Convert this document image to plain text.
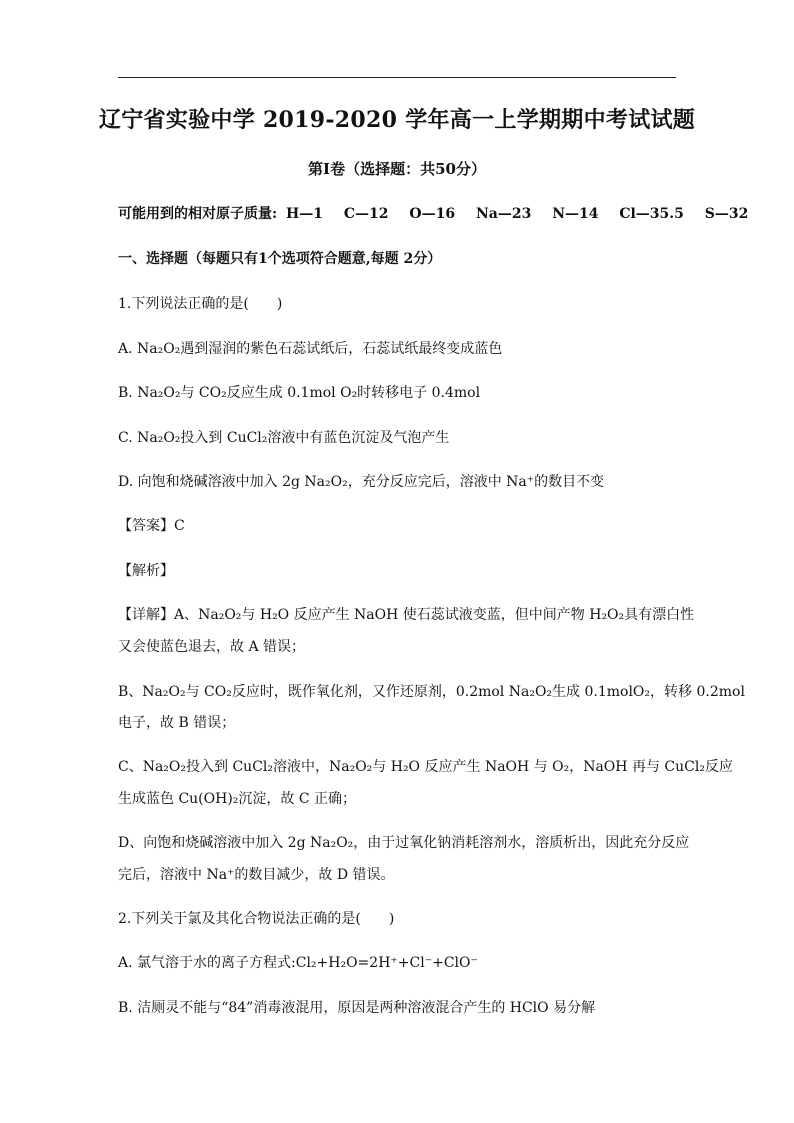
辽宁省实验中学 2019-2020 学年高一上学期期中考试试题
第Ⅰ卷（选择题：共50分）
可能用到的相对原子质量: H—1 C—12 O—16 Na—23 N—14 Cl—35.5 S—32
一、选择题（每题只有1个选项符合题意,每题 2分）
1.下列说法正确的是(　　)
A. Na₂O₂遇到湿润的紫色石蕊试纸后，石蕊试纸最终变成蓝色
B. Na₂O₂与 CO₂反应生成 0.1mol O₂时转移电子 0.4mol
C. Na₂O₂投入到 CuCl₂溶液中有蓝色沉淀及气泡产生
D. 向饱和烧碱溶液中加入 2g Na₂O₂，充分反应完后，溶液中 Na⁺的数目不变
【答案】C
【解析】
【详解】A、Na₂O₂与 H₂O 反应产生 NaOH 使石蕊试液变蓝，但中间产物 H₂O₂具有漂白性
又会使蓝色退去，故 A 错误；
B、Na₂O₂与 CO₂反应时，既作氧化剂，又作还原剂，0.2mol Na₂O₂生成 0.1molO₂，转移 0.2mol
电子，故 B 错误；
C、Na₂O₂投入到 CuCl₂溶液中，Na₂O₂与 H₂O 反应产生 NaOH 与 O₂，NaOH 再与 CuCl₂反应
生成蓝色 Cu(OH)₂沉淀，故 C 正确；
D、向饱和烧碱溶液中加入 2g Na₂O₂，由于过氧化钠消耗溶剂水，溶质析出，因此充分反应
完后，溶液中 Na⁺的数目减少，故 D 错误。
2.下列关于氯及其化合物说法正确的是(　　)
A. 氯气溶于水的离子方程式:Cl₂+H₂O=2H⁺+Cl⁻+ClO⁻
B. 洁厕灵不能与“84”消毒液混用，原因是两种溶液混合产生的 HClO 易分解
